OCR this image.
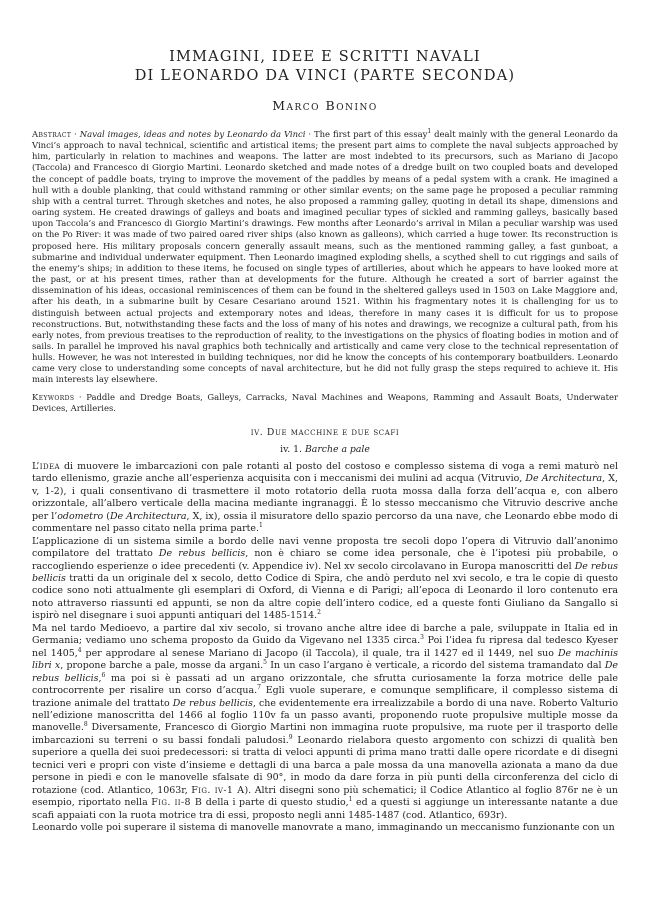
IMMAGINI, IDEE E SCRITTI NAVALI
DI LEONARDO DA VINCI (PARTE SECONDA)
Marco Bonino

Abstract · Naval images, ideas and notes by Leonardo da Vinci · The first part of this essay$^1$ dealt mainly with the general Leonardo da Vinci’s approach to naval technical, scientific and artistical items; the present part aims to complete the naval subjects approached by him, particularly in relation to machines and weapons. The latter are most indebted to its precursors, such as Mariano di Jacopo (Taccola) and Francesco di Giorgio Martini. Leonardo sketched and made notes of a dredge built on two coupled boats and developed the concept of paddle boats, trying to improve the movement of the paddles by means of a pedal system with a crank. He imagined a hull with a double planking, that could withstand ramming or other similar events; on the same page he proposed a peculiar ramming ship with a central turret. Through sketches and notes, he also proposed a ramming galley, quoting in detail its shape, dimensions and oaring system. He created drawings of galleys and boats and imagined peculiar types of sickled and ramming galleys, basically based upon Taccola’s and Francesco di Giorgio Martini’s drawings. Few months after Leonardo’s arrival in Milan a peculiar warship was used on the Po River: it was made of two paired oared river ships (also known as galleons), which carried a huge tower. Its reconstruction is proposed here. His military proposals concern generally assault means, such as the mentioned ramming galley, a fast gunboat, a submarine and individual underwater equipment. Then Leonardo imagined exploding shells, a scythed shell to cut riggings and sails of the enemy’s ships; in addition to these items, he focused on single types of artilleries, about which he appears to have looked more at the past, or at his present times, rather than at developments for the future. Although he created a sort of barrier against the dissemination of his ideas, occasional reminiscences of them can be found in the sheltered galleys used in 1503 on Lake Maggiore and, after his death, in a submarine built by Cesare Cesariano around 1521. Within his fragmentary notes it is challenging for us to distinguish between actual projects and extemporary notes and ideas, therefore in many cases it is difficult for us to propose reconstructions. But, notwithstanding these facts and the loss of many of his notes and drawings, we recognize a cultural path, from his early notes, from previous treatises to the reproduction of reality, to the investigations on the physics of floating bodies in motion and of sails. In parallel he improved his naval graphics both technically and artistically and came very close to the technical representation of hulls. However, he was not interested in building techniques, nor did he know the concepts of his contemporary boatbuilders. Leonardo came very close to understanding some concepts of naval architecture, but he did not fully grasp the steps required to achieve it. His main interests lay elsewhere.

Keywords · Paddle and Dredge Boats, Galleys, Carracks, Naval Machines and Weapons, Ramming and Assault Boats, Underwater Devices, Artilleries.

iv. Due macchine e due scafi
iv. 1. Barche a pale

L’idea di muovere le imbarcazioni con pale rotanti al posto del costoso e complesso sistema di voga a remi maturò nel tardo ellenismo, grazie anche all’esperienza acquisita con i meccanismi dei mulini ad acqua (Vitruvio, De Architectura, X, v, 1-2), i quali consentivano di trasmettere il moto rotatorio della ruota mossa dalla forza dell’acqua e, con albero orizzontale, all’albero verticale della macina mediante ingranaggi. È lo stesso meccanismo che Vitruvio descrive anche per l’odometro (De Architectura, X, ix), ossia il misuratore dello spazio percorso da una nave, che Leonardo ebbe modo di commentare nel passo citato nella prima parte.$^1$

L’applicazione di un sistema simile a bordo delle navi venne proposta tre secoli dopo l’opera di Vitruvio dall’anonimo compilatore del trattato De rebus bellicis, non è chiaro se come idea personale, che è l’ipotesi più probabile, o raccogliendo esperienze o idee precedenti (v. Appendice iv). Nel xv secolo circolavano in Europa manoscritti del De rebus bellicis tratti da un originale del x secolo, detto Codice di Spira, che andò perduto nel xvi secolo, e tra le copie di questo codice sono noti attualmente gli esemplari di Oxford, di Vienna e di Parigi; all’epoca di Leonardo il loro contenuto era noto attraverso riassunti ed appunti, se non da altre copie dell’intero codice, ed a queste fonti Giuliano da Sangallo si ispirò nel disegnare i suoi appunti antiquari del 1485-1514.$^2$

Ma nel tardo Medioevo, a partire dal xiv secolo, si trovano anche altre idee di barche a pale, sviluppate in Italia ed in Germania; vediamo uno schema proposto da Guido da Vigevano nel 1335 circa.$^3$ Poi l’idea fu ripresa dal tedesco Kyeser nel 1405,$^4$ per approdare al senese Mariano di Jacopo (il Taccola), il quale, tra il 1427 ed il 1449, nel suo De machinis libri x, propone barche a pale, mosse da argani.$^5$ In un caso l’argano è verticale, a ricordo del sistema tramandato dal De rebus bellicis,$^6$ ma poi si è passati ad un argano orizzontale, che sfrutta curiosamente la forza motrice delle pale controcorrente per risalire un corso d’acqua.$^7$ Egli vuole superare, e comunque semplificare, il complesso sistema di trazione animale del trattato De rebus bellicis, che evidentemente era irrealizzabile a bordo di una nave. Roberto Valturio nell’edizione manoscritta del 1466 al foglio 110v fa un passo avanti, proponendo ruote propulsive multiple mosse da manovelle.$^8$ Diversamente, Francesco di Giorgio Martini non immagina ruote propulsive, ma ruote per il trasporto delle imbarcazioni su terreni o su bassi fondali paludosi.$^9$ Leonardo rielabora questo argomento con schizzi di qualità ben superiore a quella dei suoi predecessori: si tratta di veloci appunti di prima mano tratti dalle opere ricordate e di disegni tecnici veri e propri con viste d’insieme e dettagli di una barca a pale mossa da una manovella azionata a mano da due persone in piedi e con le manovelle sfalsate di 90°, in modo da dare forza in più punti della circonferenza del ciclo di rotazione (cod. Atlantico, 1063r, Fig. iv-1 A). Altri disegni sono più schematici; il Codice Atlantico al foglio 876r ne è un esempio, riportato nella Fig. ii-8 B della i parte di questo studio,$^1$ ed a questi si aggiunge un interessante natante a due scafi appaiati con la ruota motrice tra di essi, proposto negli anni 1485-1487 (cod. Atlantico, 693r).

Leonardo volle poi superare il sistema di manovelle manovrate a mano, immaginando un meccanismo funzionante con un
